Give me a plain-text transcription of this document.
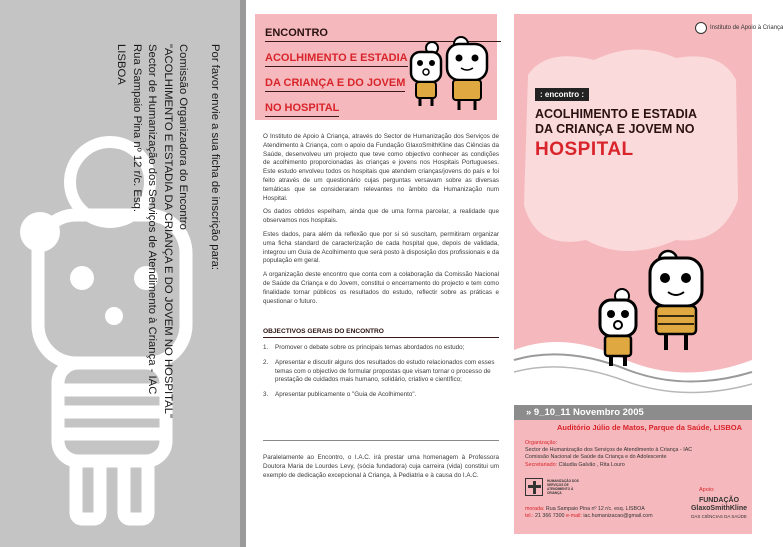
Por favor envie a sua ficha de inscrição para:

Comissão Organizadora do Encontro
"ACOLHIMENTO E ESTADIA DA CRIANÇA E DO JOVEM NO HOSPITAL"
Sector de Humanização dos Serviços de Atendimento à Criança - IAC
Rua Sampaio Pina nº 12 r/c. Esq.
LISBOA
ENCONTRO
ACOLHIMENTO E ESTADIA
DA CRIANÇA E DO JOVEM
NO HOSPITAL

O Instituto de Apoio à Criança, através do Sector de Humanização dos Serviços de Atendimento à Criança, com o apoio da Fundação GlaxoSmithKline das Ciências da Saúde, desenvolveu um projecto que teve como objectivo conhecer as condições de acolhimento proporcionadas às crianças e jovens nos Hospitais Portugueses. Este estudo envolveu todos os hospitais que atendem crianças/jovens do país e foi feito através de um questionário cujas perguntas versavam sobre as diversas temáticas que se consideraram relevantes no âmbito da Humanização num Hospital.

Os dados obtidos espelham, ainda que de uma forma parcelar, a realidade que observamos nos hospitais.

Estes dados, para além da reflexão que por si só suscitam, permitiram organizar uma ficha standard de caracterização de cada hospital que, depois de validada, integrou um Guia de Acolhimento que será posto à disposição dos profissionais e da população em geral.

A organização deste encontro que conta com a colaboração da Comissão Nacional de Saúde da Criança e do Jovem, constitui o encerramento do projecto e tem como finalidade tornar públicos os resultados do estudo, reflectir sobre as práticas e questionar o futuro.

OBJECTIVOS GERAIS DO ENCONTRO
1.	Promover o debate sobre os principais temas abordados no estudo;
2.	Apresentar e discutir alguns dos resultados do estudo relacionados com esses temas com o objectivo de formular propostas que visam tornar o processo de prestação de cuidados mais humano, solidário, criativo e científico;
3.	Apresentar publicamente o "Guia de Acolhimento".
Paralelamente ao Encontro, o I.A.C. irá prestar uma homenagem à Professora Doutora Maria de Lourdes Levy, (sócia fundadora) cuja carreira (vida) constitui um exemplo de dedicação excepcional à Criança, à Pediatria e à causa do I.A.C.
Instituto de Apoio à Criança
: encontro :
ACOLHIMENTO E ESTADIA
DA CRIANÇA E JOVEM NO
HOSPITAL
» 9_10_11 Novembro 2005
Auditório Júlio de Matos, Parque da Saúde, LISBOA
Organização:
Sector de Humanização dos Serviços de Atendimento à Criança - IAC
Comissão Nacional de Saúde da Criança e do Adolescente
Secretariado: Cláudia Galvão , Rita Louro
HUMANIZAÇÃO DOS SERVIÇOS DE ATENDIMENTO À CRIANÇA	Apoio:
FUNDAÇÃO
GlaxoSmithKline
DAS CIÊNCIAS DA SAÚDE
morada: Rua Sampaio Pina nº 12 r/c. esq. LISBOA
tel.: 21 366 7300 e-mail: iac.humanizacao@gmail.com
